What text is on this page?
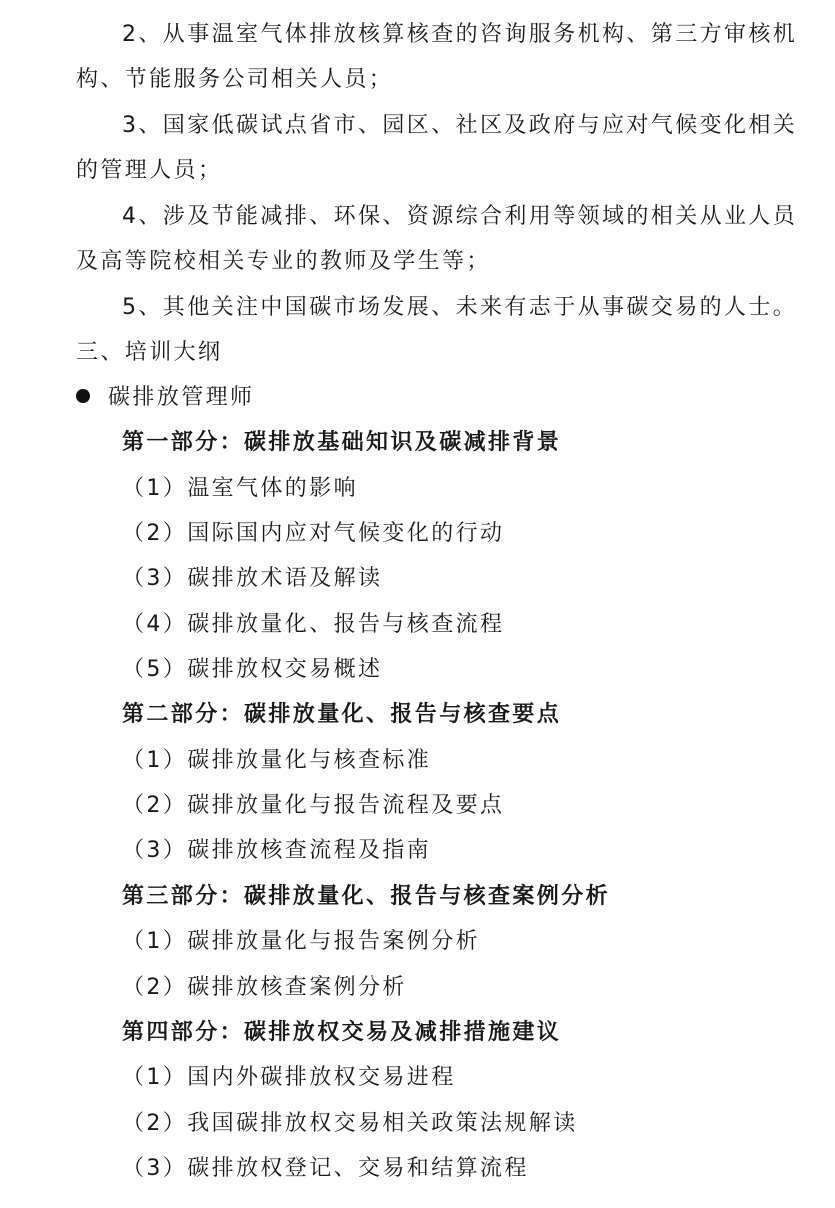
2、从事温室气体排放核算核查的咨询服务机构、第三方审核机
构、节能服务公司相关人员；
3、国家低碳试点省市、园区、社区及政府与应对气候变化相关
的管理人员；
4、涉及节能减排、环保、资源综合利用等领域的相关从业人员
及高等院校相关专业的教师及学生等；
5、其他关注中国碳市场发展、未来有志于从事碳交易的人士。
三、培训大纲
碳排放管理师
第一部分：碳排放基础知识及碳减排背景
（1）温室气体的影响
（2）国际国内应对气候变化的行动
（3）碳排放术语及解读
（4）碳排放量化、报告与核查流程
（5）碳排放权交易概述
第二部分：碳排放量化、报告与核查要点
（1）碳排放量化与核查标准
（2）碳排放量化与报告流程及要点
（3）碳排放核查流程及指南
第三部分：碳排放量化、报告与核查案例分析
（1）碳排放量化与报告案例分析
（2）碳排放核查案例分析
第四部分：碳排放权交易及减排措施建议
（1）国内外碳排放权交易进程
（2）我国碳排放权交易相关政策法规解读
（3）碳排放权登记、交易和结算流程
